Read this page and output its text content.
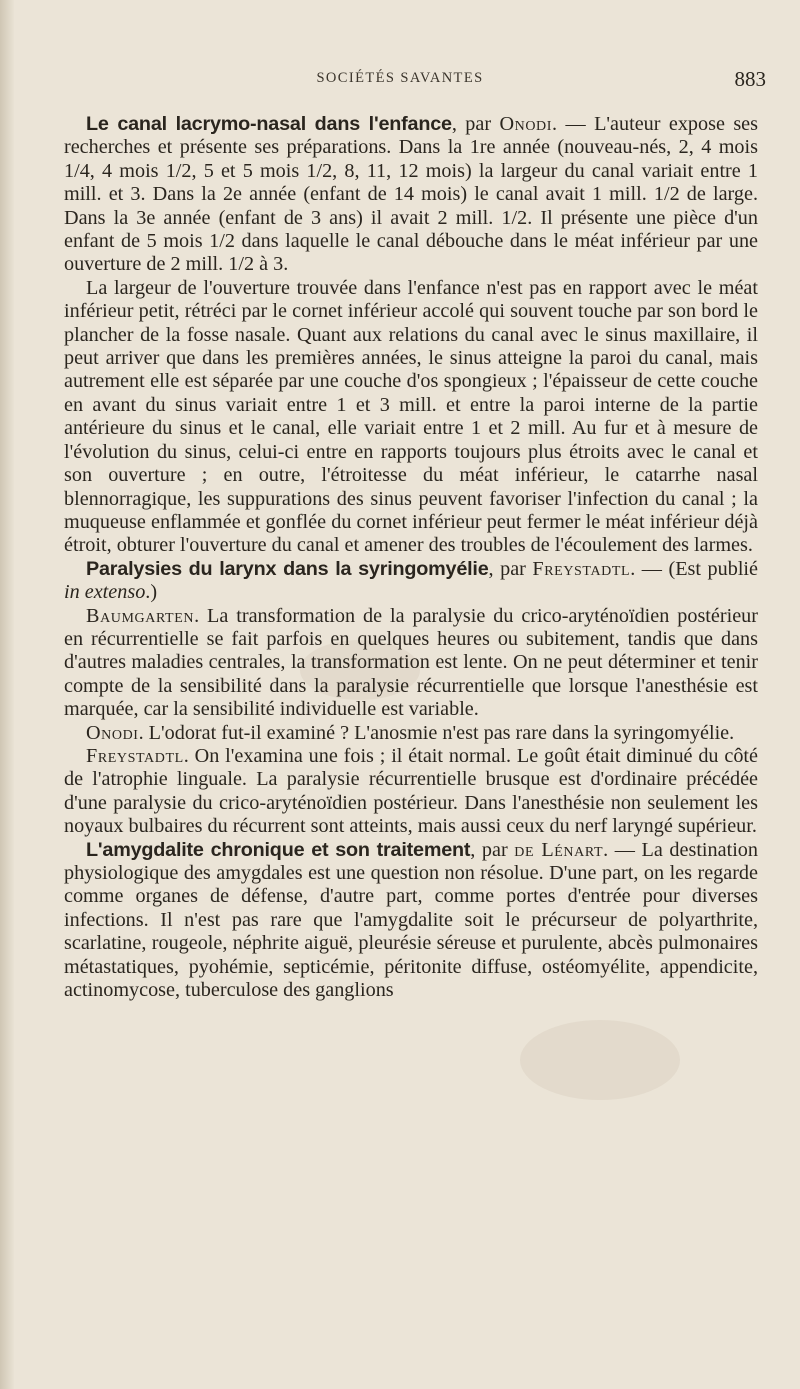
SOCIÉTÉS SAVANTES	883

Le canal lacrymo-nasal dans l'enfance, par Onodi. — L'auteur expose ses recherches et présente ses préparations. Dans la 1re année (nouveau-nés, 2, 4 mois 1/4, 4 mois 1/2, 5 et 5 mois 1/2, 8, 11, 12 mois) la largeur du canal variait entre 1 mill. et 3. Dans la 2e année (enfant de 14 mois) le canal avait 1 mill. 1/2 de large. Dans la 3e année (enfant de 3 ans) il avait 2 mill. 1/2. Il présente une pièce d'un enfant de 5 mois 1/2 dans laquelle le canal débouche dans le méat inférieur par une ouverture de 2 mill. 1/2 à 3.

La largeur de l'ouverture trouvée dans l'enfance n'est pas en rapport avec le méat inférieur petit, rétréci par le cornet inférieur accolé qui souvent touche par son bord le plancher de la fosse nasale. Quant aux relations du canal avec le sinus maxillaire, il peut arriver que dans les premières années, le sinus atteigne la paroi du canal, mais autrement elle est séparée par une couche d'os spongieux ; l'épaisseur de cette couche en avant du sinus variait entre 1 et 3 mill. et entre la paroi interne de la partie antérieure du sinus et le canal, elle variait entre 1 et 2 mill. Au fur et à mesure de l'évolution du sinus, celui-ci entre en rapports toujours plus étroits avec le canal et son ouverture ; en outre, l'étroitesse du méat inférieur, le catarrhe nasal blennorragique, les suppurations des sinus peuvent favoriser l'infection du canal ; la muqueuse enflammée et gonflée du cornet inférieur peut fermer le méat inférieur déjà étroit, obturer l'ouverture du canal et amener des troubles de l'écoulement des larmes.

Paralysies du larynx dans la syringomyélie, par Freystadtl. — (Est publié in extenso.)

Baumgarten. La transformation de la paralysie du crico-aryténoïdien postérieur en récurrentielle se fait parfois en quelques heures ou subitement, tandis que dans d'autres maladies centrales, la transformation est lente. On ne peut déterminer et tenir compte de la sensibilité dans la paralysie récurrentielle que lorsque l'anesthésie est marquée, car la sensibilité individuelle est variable.

Onodi. L'odorat fut-il examiné ? L'anosmie n'est pas rare dans la syringomyélie.

Freystadtl. On l'examina une fois ; il était normal. Le goût était diminué du côté de l'atrophie linguale. La paralysie récurrentielle brusque est d'ordinaire précédée d'une paralysie du crico-aryténoïdien postérieur. Dans l'anesthésie non seulement les noyaux bulbaires du récurrent sont atteints, mais aussi ceux du nerf laryngé supérieur.

L'amygdalite chronique et son traitement, par de Lénart. — La destination physiologique des amygdales est une question non résolue. D'une part, on les regarde comme organes de défense, d'autre part, comme portes d'entrée pour diverses infections. Il n'est pas rare que l'amygdalite soit le précurseur de polyarthrite, scarlatine, rougeole, néphrite aiguë, pleurésie séreuse et purulente, abcès pulmonaires métastatiques, pyohémie, septicémie, péritonite diffuse, ostéomyélite, appendicite, actinomycose, tuberculose des ganglions
